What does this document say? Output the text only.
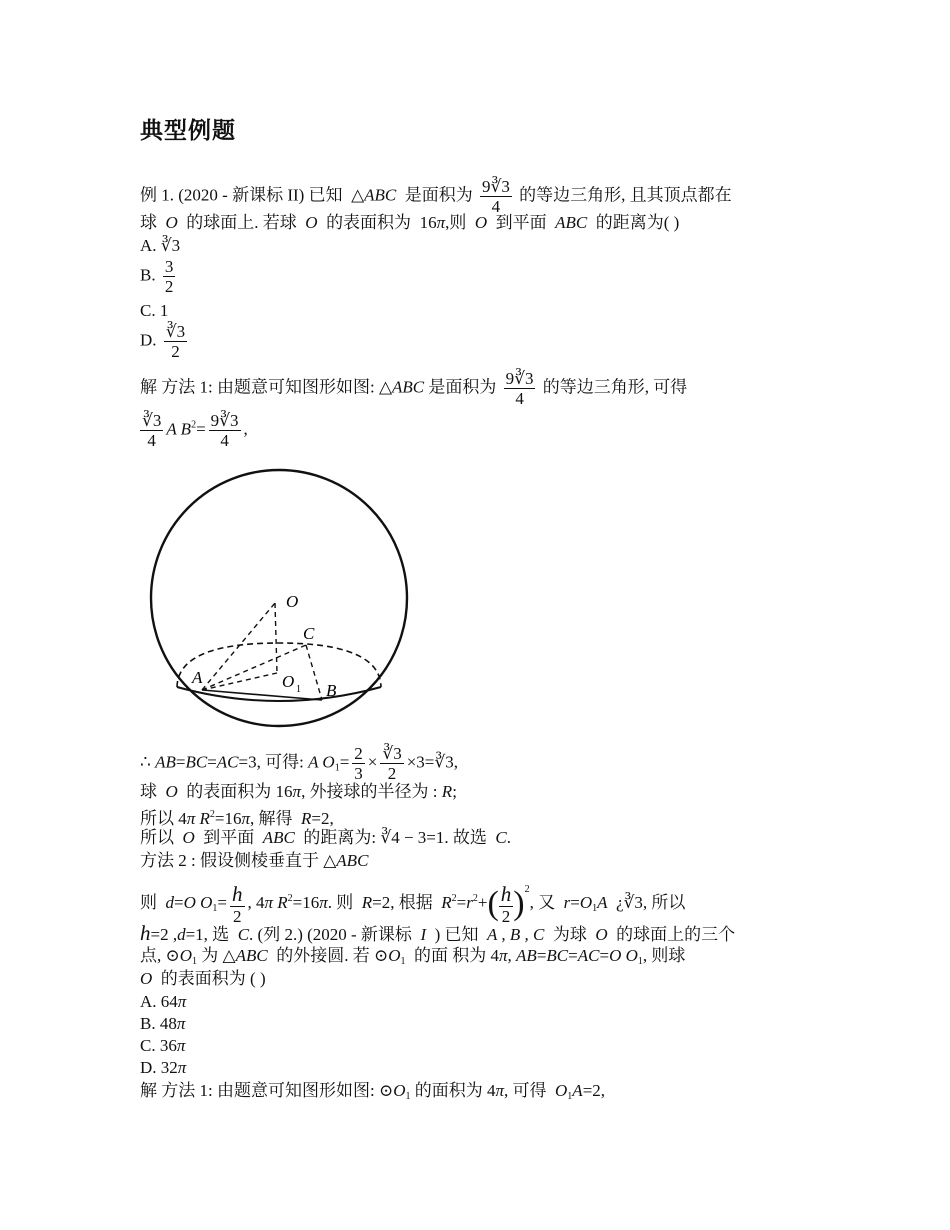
典型例题
例 1. (2020 - 新课标 II) 已知 △ABC 是面积为 $\frac{9∛3}{4}$ 的等边三角形, 且其顶点都在
球 O 的球面上. 若球 O 的表面积为 16π,则 O 到平面 ABC 的距离为( )
A. ∛3
B. $\frac{3}{2}$
C. 1
D. $\frac{∛3}{2}$
解 方法 1: 由题意可知图形如图: △ABC 是面积为 $\frac{9∛3}{4}$ 的等边三角形, 可得
$\frac{∛3}{4}$ A $B^2= \frac{9∛3}{4}$ ,
O
C
A	O 1 B
∴ AB=BC=AC=3, 可得: A $O_1= \frac{2}{3} \times \frac{∛3}{2}$ ×3=∛3,
球 O 的表面积为 16π, 外接球的半径为 : R;
所以 4π $R^2=16\pi$, 解得 R=2,
所以 O 到平面 ABC 的距离为: ∛4 − 3=1. 故选 C.
方法 2 : 假设侧棱垂直于 △ABC
则 d=O $O_1= \frac{h}{2}$ , 4π $R^2=16\pi$. 则 R=2, 根据 $R^2=r^2+( \frac{h}{2} )^2$, 又 $r=O_1A$ ¿∛3, 所以
h=2 ,d=1, 选 C. (列 2.) (2020 - 新课标 I ) 已知 A , B , C 为球 O 的球面上的三个
点, $⊙O_1$ 为 △ABC 的外接圆. 若 $⊙O_1$ 的面 积为 4π, AB=BC=AC=O $O_1$, 则球
O 的表面积为 ( )
A. 64π
B. 48π
C. 36π
D. 32π
解 方法 1: 由题意可知图形如图: $⊙O_1$ 的面积为 4π, 可得 $O_1A=2$,
